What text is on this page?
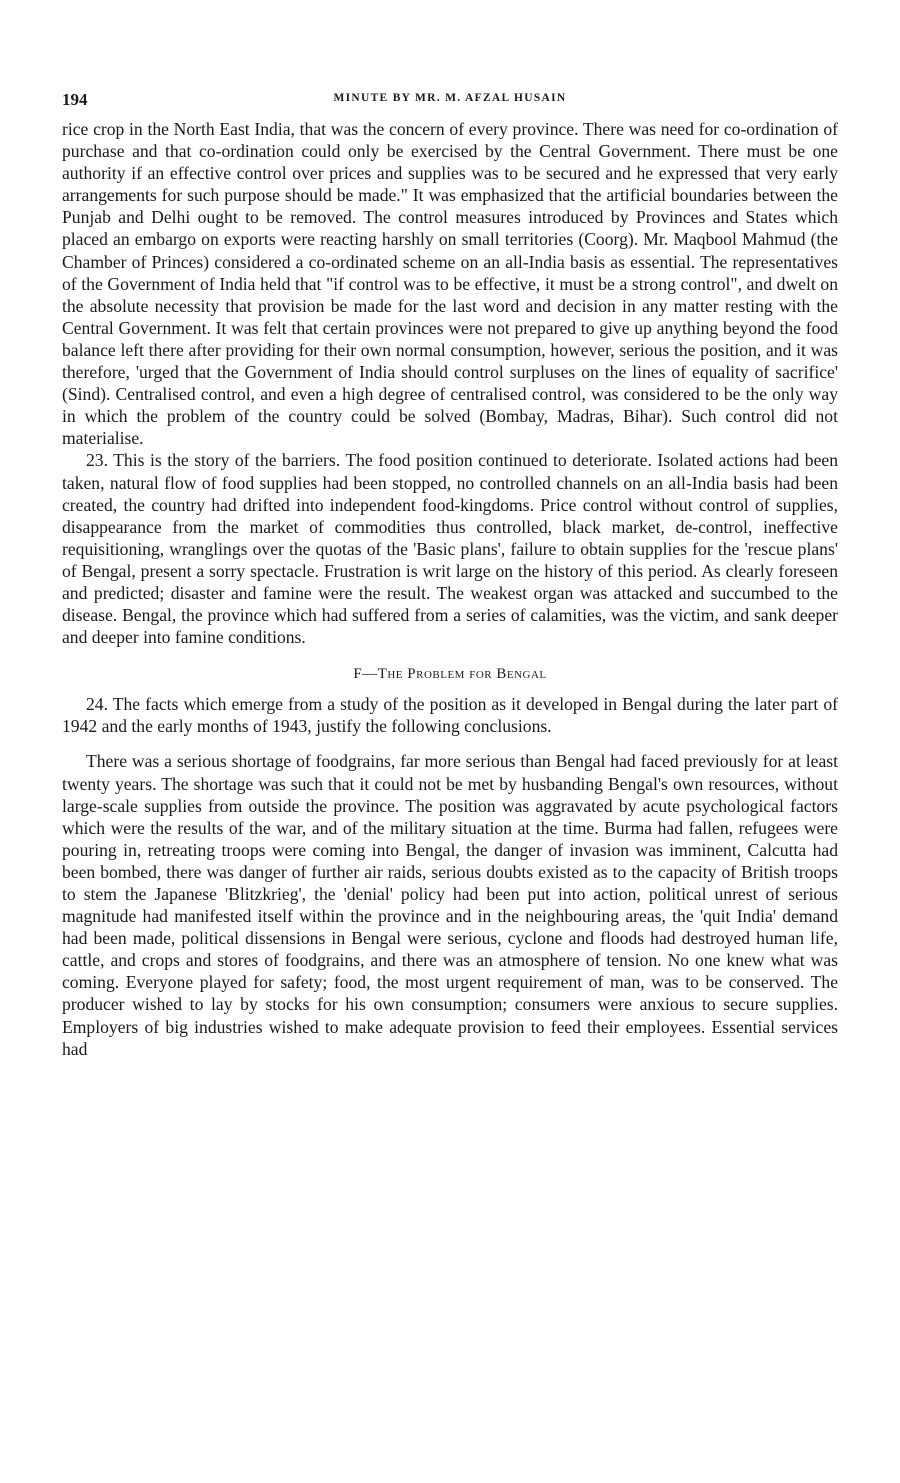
194	MINUTE BY MR. M. AFZAL HUSAIN

rice crop in the North East India, that was the concern of every province. There was need for co-ordination of purchase and that co-ordination could only be exercised by the Central Government. There must be one authority if an effective control over prices and supplies was to be secured and he expressed that very early arrangements for such purpose should be made." It was emphasized that the artificial boundaries between the Punjab and Delhi ought to be removed. The control measures introduced by Provinces and States which placed an embargo on exports were reacting harshly on small territories (Coorg). Mr. Maqbool Mahmud (the Chamber of Princes) considered a co-ordinated scheme on an all-India basis as essential. The representatives of the Government of India held that "if control was to be effective, it must be a strong control", and dwelt on the absolute necessity that provision be made for the last word and decision in any matter resting with the Central Government. It was felt that certain provinces were not prepared to give up anything beyond the food balance left there after providing for their own normal consumption, however, serious the position, and it was therefore, 'urged that the Government of India should control surpluses on the lines of equality of sacrifice' (Sind). Centralised control, and even a high degree of centralised control, was considered to be the only way in which the problem of the country could be solved (Bombay, Madras, Bihar). Such control did not materialise.

23. This is the story of the barriers. The food position continued to deteriorate. Isolated actions had been taken, natural flow of food supplies had been stopped, no controlled channels on an all-India basis had been created, the country had drifted into independent food-kingdoms. Price control without control of supplies, disappearance from the market of commodities thus controlled, black market, de-control, ineffective requisitioning, wranglings over the quotas of the 'Basic plans', failure to obtain supplies for the 'rescue plans' of Bengal, present a sorry spectacle. Frustration is writ large on the history of this period. As clearly foreseen and predicted; disaster and famine were the result. The weakest organ was attacked and succumbed to the disease. Bengal, the province which had suffered from a series of calamities, was the victim, and sank deeper and deeper into famine conditions.

F—The Problem for Bengal

24. The facts which emerge from a study of the position as it developed in Bengal during the later part of 1942 and the early months of 1943, justify the following conclusions.

There was a serious shortage of foodgrains, far more serious than Bengal had faced previously for at least twenty years. The shortage was such that it could not be met by husbanding Bengal's own resources, without large-scale supplies from outside the province. The position was aggravated by acute psychological factors which were the results of the war, and of the military situation at the time. Burma had fallen, refugees were pouring in, retreating troops were coming into Bengal, the danger of invasion was imminent, Calcutta had been bombed, there was danger of further air raids, serious doubts existed as to the capacity of British troops to stem the Japanese 'Blitzkrieg', the 'denial' policy had been put into action, political unrest of serious magnitude had manifested itself within the province and in the neighbouring areas, the 'quit India' demand had been made, political dissensions in Bengal were serious, cyclone and floods had destroyed human life, cattle, and crops and stores of foodgrains, and there was an atmosphere of tension. No one knew what was coming. Everyone played for safety; food, the most urgent requirement of man, was to be conserved. The producer wished to lay by stocks for his own consumption; consumers were anxious to secure supplies. Employers of big industries wished to make adequate provision to feed their employees. Essential services had
